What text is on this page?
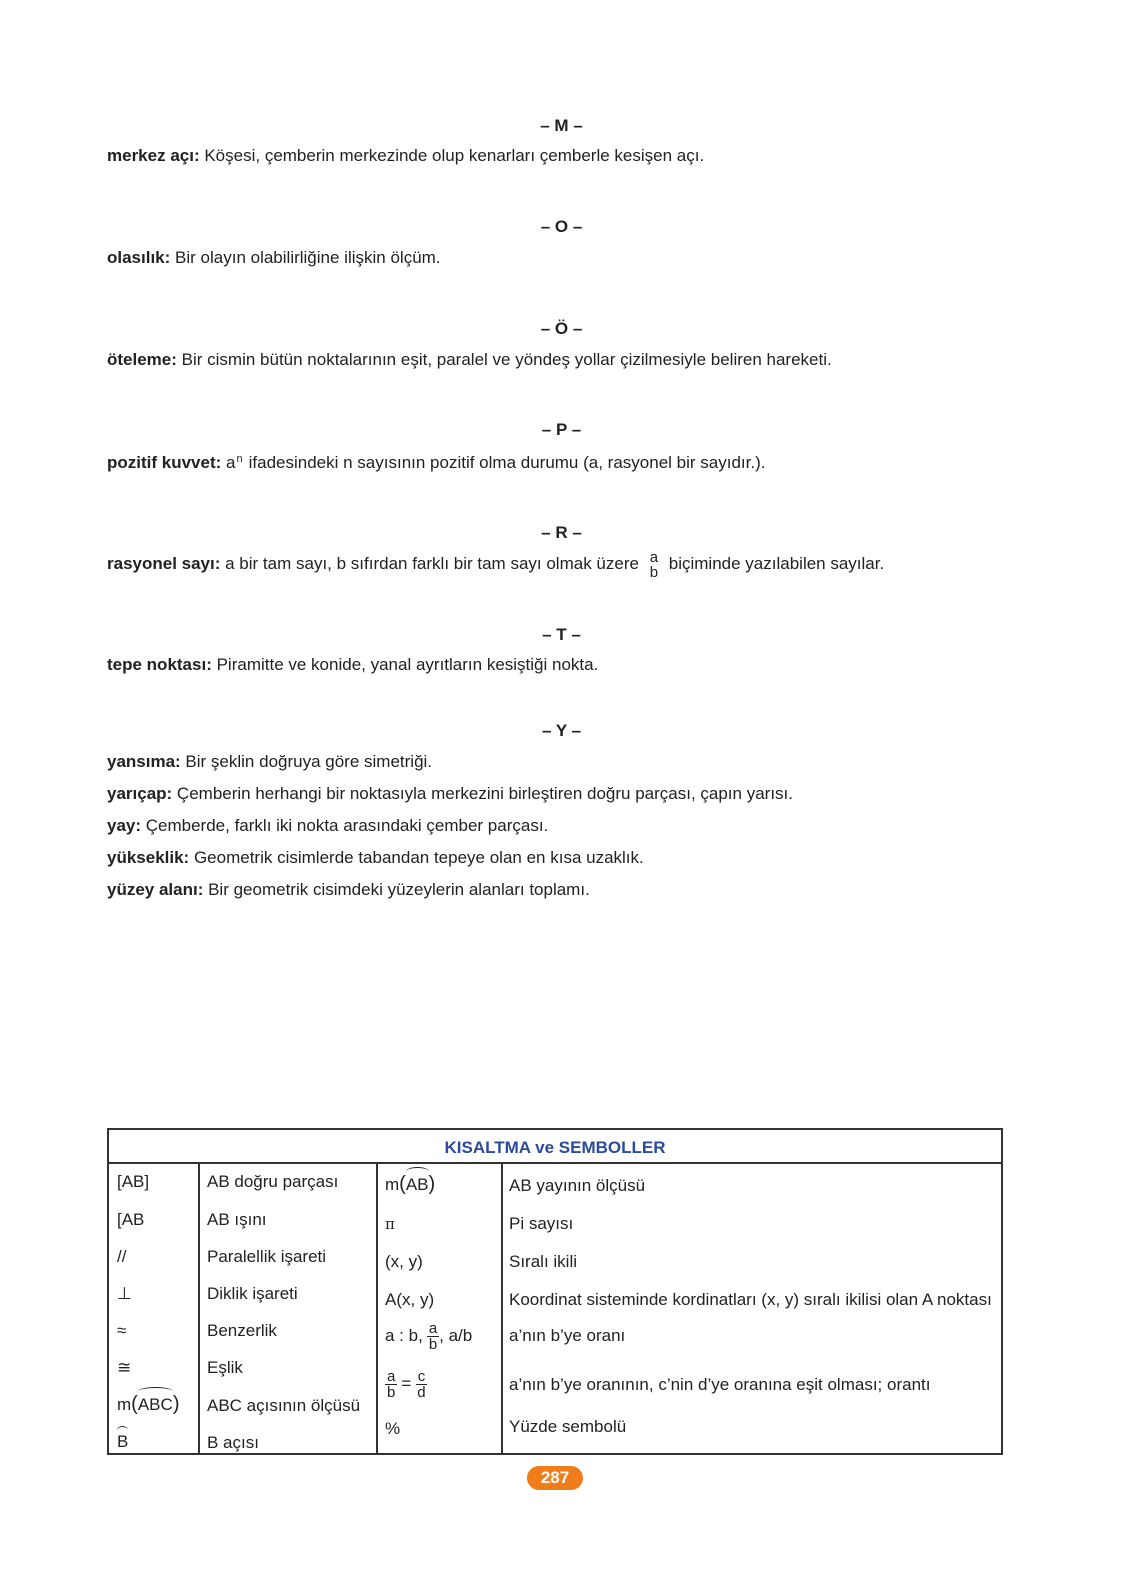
– M –
merkez açı: Köşesi, çemberin merkezinde olup kenarları çemberle kesişen açı.
– O –
olasılık: Bir olayın olabilirliğine ilişkin ölçüm.
– Ö –
öteleme: Bir cismin bütün noktalarının eşit, paralel ve yöndeş yollar çizilmesiyle beliren hareketi.
– P –
pozitif kuvvet: $a^n$ ifadesindeki n sayısının pozitif olma durumu (a, rasyonel bir sayıdır.).
– R –
rasyonel sayı: a bir tam sayı, b sıfırdan farklı bir tam sayı olmak üzere a
b biçiminde yazılabilen sayılar.
– T –
tepe noktası: Piramitte ve konide, yanal ayrıtların kesiştiği nokta.
– Y –
yansıma: Bir şeklin doğruya göre simetriği.
yarıçap: Çemberin herhangi bir noktasıyla merkezini birleştiren doğru parçası, çapın yarısı.
yay: Çemberde, farklı iki nokta arasındaki çember parçası.
yükseklik: Geometrik cisimlerde tabandan tepeye olan en kısa uzaklık.
yüzey alanı: Bir geometrik cisimdeki yüzeylerin alanları toplamı.
KISALTMA ve SEMBOLLER
[AB]
[AB
//
⊥
≈
≅
m(
ABC)
B
AB doğru parçası
AB ışını
Paralellik işareti
Diklik işareti
Benzerlik
Eşlik
ABC açısının ölçüsü
B açısı
m(
AB)
π
(x, y)
A(x, y)
a : b, $\frac{a}{b}$ , a/b
$\frac{a}{b} = \frac{c}{d}$
%
AB yayının ölçüsü
Pi sayısı
Sıralı ikili
Koordinat sisteminde kordinatları (x, y) sıralı ikilisi olan A noktası
a’nın b’ye oranı
a’nın b’ye oranının, c’nin d’ye oranına eşit olması; orantı
Yüzde sembolü
287
